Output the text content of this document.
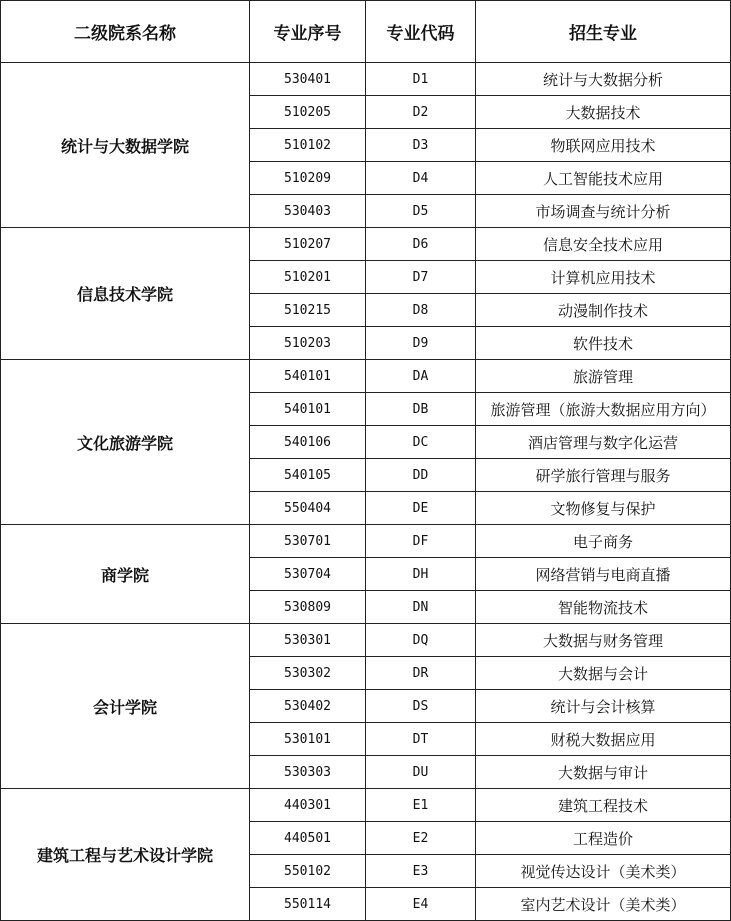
二级院系名称	专业序号	专业代码	招生专业
统计与大数据学院	530401	D1	统计与大数据分析
	510205	D2	大数据技术
	510102	D3	物联网应用技术
	510209	D4	人工智能技术应用
	530403	D5	市场调查与统计分析
信息技术学院	510207	D6	信息安全技术应用
	510201	D7	计算机应用技术
	510215	D8	动漫制作技术
	510203	D9	软件技术
文化旅游学院	540101	DA	旅游管理
	540101	DB	旅游管理（旅游大数据应用方向）
	540106	DC	酒店管理与数字化运营
	540105	DD	研学旅行管理与服务
	550404	DE	文物修复与保护
商学院	530701	DF	电子商务
	530704	DH	网络营销与电商直播
	530809	DN	智能物流技术
会计学院	530301	DQ	大数据与财务管理
	530302	DR	大数据与会计
	530402	DS	统计与会计核算
	530101	DT	财税大数据应用
	530303	DU	大数据与审计
建筑工程与艺术设计学院	440301	E1	建筑工程技术
	440501	E2	工程造价
	550102	E3	视觉传达设计（美术类）
	550114	E4	室内艺术设计（美术类）
